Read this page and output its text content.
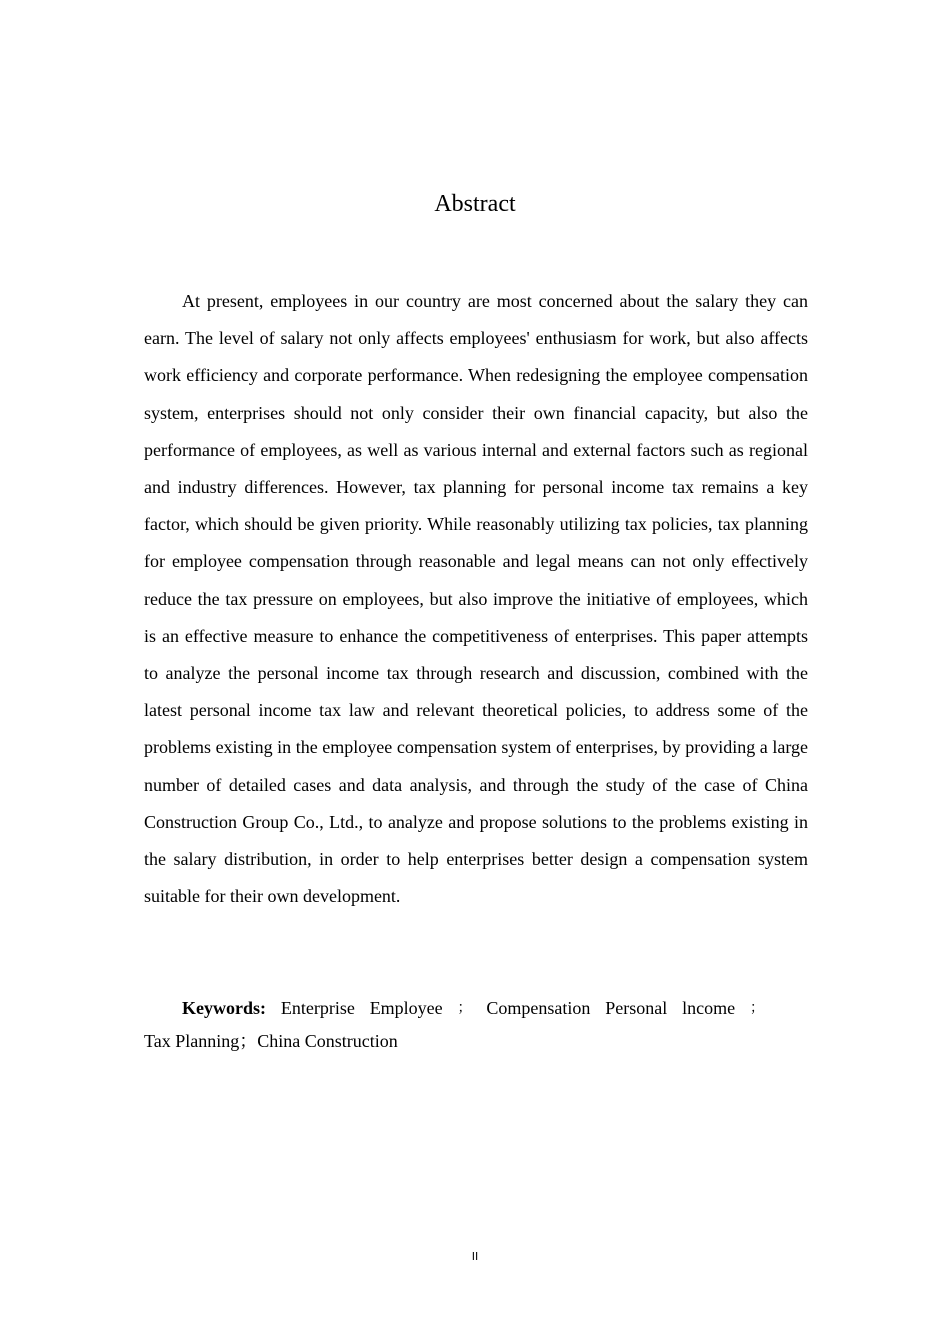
Abstract

At present, employees in our country are most concerned about the salary they can earn. The level of salary not only affects employees' enthusiasm for work, but also affects work efficiency and corporate performance. When redesigning the employee compensation system, enterprises should not only consider their own financial capacity, but also the performance of employees, as well as various internal and external factors such as regional and industry differences. However, tax planning for personal income tax remains a key factor, which should be given priority. While reasonably utilizing tax policies, tax planning for employee compensation through reasonable and legal means can not only effectively reduce the tax pressure on employees, but also improve the initiative of employees, which is an effective measure to enhance the competitiveness of enterprises. This paper attempts to analyze the personal income tax through research and discussion, combined with the latest personal income tax law and relevant theoretical policies, to address some of the problems existing in the employee compensation system of enterprises, by providing a large number of detailed cases and data analysis, and through the study of the case of China Construction Group Co., Ltd., to analyze and propose solutions to the problems existing in the salary distribution, in order to help enterprises better design a compensation system suitable for their own development.

Keywords: Enterprise Employee ； Compensation Personal lncome ；
Tax Planning；China Construction
II
